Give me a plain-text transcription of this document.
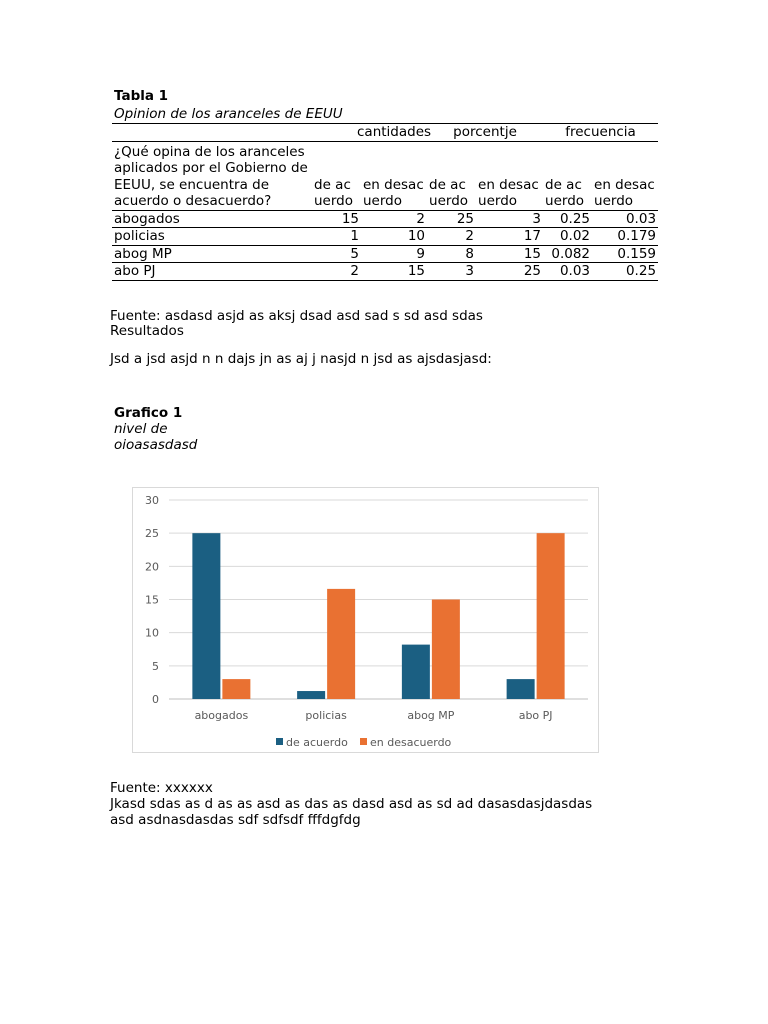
Tabla 1
Opinion de los aranceles de EEUU
	cantidades		porcentje		frecuencia	
¿Qué opina de los aranceles aplicados por el Gobierno de EEUU, se encuentra de acuerdo o desacuerdo?	de acuerdo	en desacuerdo	de acuerdo	en desacuerdo	de acuerdo	en desacuerdo
abogados	15	2	25	3	0.25	0.03
policias	1	10	2	17	0.02	0.179
abog MP	5	9	8	15	0.082	0.159
abo PJ	2	15	3	25	0.03	0.25
Fuente: asdasd asjd as aksj dsad asd sad s sd asd sdas
Resultados
Jsd a jsd asjd n n dajs jn as aj j nasjd n jsd as ajsdasjasd:
Grafico 1
nivel de
oioasasdasd
0
5
10
15
20
25
30
abogados	policias	abog MP	abo PJ
de acuerdo en desacuerdo
Fuente: xxxxxx
Jkasd sdas as d as as asd as das as dasd asd as sd ad dasasdasjdasdas
asd asdnasdasdas sdf sdfsdf fffdgfdg
